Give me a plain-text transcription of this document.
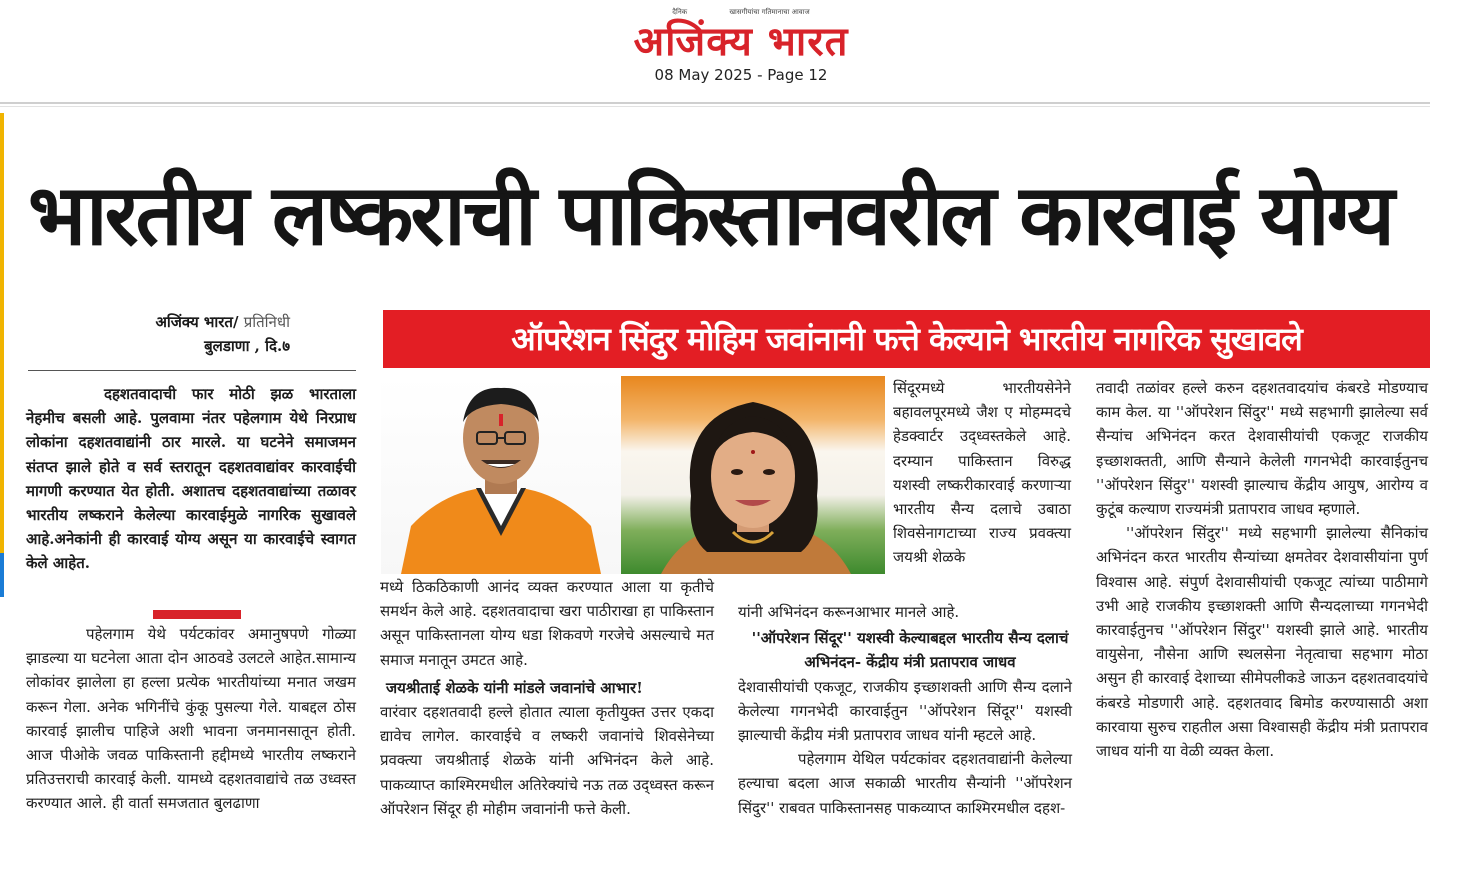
दैनिक	खासगीयांचा गतिमानाचा आवाज
अजिंक्य भारत
08 May 2025 - Page 12
भारतीय लष्कराची पाकिस्तानवरील कारवाई योग्य
अजिंक्य भारत/ प्रतिनिधी
बुलडाणा , दि.७	ऑपरेशन सिंदुर मोहिम जवांनानी फत्ते केल्याने भारतीय नागरिक सुखावले

दहशतवादाची फार मोठी झळ भारताला नेहमीच बसली आहे. पुलवामा नंतर पहेलगाम येथे निरप्राध लोकांना दहशतवाद्यांनी ठार मारले. या घटनेने समाजमन संतप्त झाले होते व सर्व स्तरातून दहशतवाद्यांवर कारवाईची मागणी करण्यात येत होती. अशातच दहशतवाद्यांच्या तळावर भारतीय लष्कराने केलेल्या कारवाईमुळे नागरिक सुखावले आहे.अनेकांनी ही कारवाई योग्य असून या कारवाईचे स्वागत केले आहेत.

पहेलगाम येथे पर्यटकांवर अमानुषपणे गोळ्या झाडल्या या घटनेला आता दोन आठवडे उलटले आहेत.सामान्य लोकांवर झालेला हा हल्ला प्रत्येक भारतीयांच्या मनात जखम करून गेला. अनेक भगिनींचे कुंकू पुसल्या गेले. याबद्दल ठोस कारवाई झालीच पाहिजे अशी भावना जनमानसातून होती. आज पीओके जवळ पाकिस्तानी हद्दीमध्ये भारतीय लष्कराने प्रतिउत्तराची कारवाई केली. यामध्ये दहशतवाद्यांचे तळ उध्वस्त करण्यात आले. ही वार्ता समजतात बुलढाणा

मध्ये ठिकठिकाणी आनंद व्यक्त करण्यात आला या कृतीचे समर्थन केले आहे. दहशतवादाचा खरा पाठीराखा हा पाकिस्तान असून पाकिस्तानला योग्य धडा शिकवणे गरजेचे असल्याचे मत समाज मनातून उमटत आहे.

जयश्रीताई शेळके यांनी मांडले जवानांचे आभार!

वारंवार दहशतवादी हल्ले होतात त्याला कृतीयुक्त उत्तर एकदा द्यावेच लागेल. कारवाईचे व लष्करी जवानांचे शिवसेनेच्या प्रवक्त्या जयश्रीताई शेळके यांनी अभिनंदन केले आहे. पाकव्याप्त काश्मिरमधील अतिरेक्यांचे नऊ तळ उद्ध्वस्त करून ऑपरेशन सिंदूर ही मोहीम जवानांनी फत्ते केली.

सिंदूरमध्ये भारतीयसेनेने बहावलपूरमध्ये जैश ए मोहम्मदचे हेडक्वार्टर उद्ध्वस्तकेले आहे. दरम्यान पाकिस्तान विरुद्ध यशस्वी लष्करीकारवाई करणाऱ्या भारतीय सैन्य दलाचे उबाठा शिवसेनागटाच्या राज्य प्रवक्त्या जयश्री शेळके

यांनी अभिनंदन करूनआभार मानले आहे.

''ऑपरेशन सिंदूर'' यशस्वी केल्याबद्दल भारतीय सैन्य दलाचं अभिनंदन- केंद्रीय मंत्री प्रतापराव जाधव

देशवासीयांची एकजूट, राजकीय इच्छाशक्ती आणि सैन्य दलाने केलेल्या गगनभेदी कारवाईतुन ''ऑपरेशन सिंदूर'' यशस्वी झाल्याची केंद्रीय मंत्री प्रतापराव जाधव यांनी म्हटले आहे.

पहेलगाम येथिल पर्यटकांवर दहशतवाद्यांनी केलेल्या हल्याचा बदला आज सकाळी भारतीय सैन्यांनी ''ऑपरेशन सिंदुर'' राबवत पाकिस्तानसह पाकव्याप्त काश्मिरमधील दहश-

तवादी तळांवर हल्ले करुन दहशतवादयांच कंबरडे मोडण्याच काम केल. या ''ऑपरेशन सिंदुर'' मध्ये सहभागी झालेल्या सर्व सैन्यांच अभिनंदन करत देशवासीयांची एकजूट राजकीय इच्छाशक्तती, आणि सैन्याने केलेली गगनभेदी कारवाईतुनच ''ऑपरेशन सिंदुर'' यशस्वी झाल्याच केंद्रीय आयुष, आरोग्य व कुटूंब कल्याण राज्यमंत्री प्रतापराव जाधव म्हणाले.

''ऑपरेशन सिंदुर'' मध्ये सहभागी झालेल्या सैनिकांच अभिनंदन करत भारतीय सैन्यांच्या क्षमतेवर देशवासीयांना पुर्ण विश्वास आहे. संपुर्ण देशवासीयांची एकजूट त्यांच्या पाठीमागे उभी आहे राजकीय इच्छाशक्ती आणि सैन्यदलाच्या गगनभेदी कारवाईतुनच ''ऑपरेशन सिंदुर'' यशस्वी झाले आहे. भारतीय वायुसेना, नौसेना आणि स्थलसेना नेतृत्वाचा सहभाग मोठा असुन ही कारवाई देशाच्या सीमेपलीकडे जाऊन दहशतवादयांचे कंबरडे मोडणारी आहे. दहशतवाद बिमोड करण्यासाठी अशा कारवाया सुरुच राहतील असा विश्वासही केंद्रीय मंत्री प्रतापराव जाधव यांनी या वेळी व्यक्त केला.
